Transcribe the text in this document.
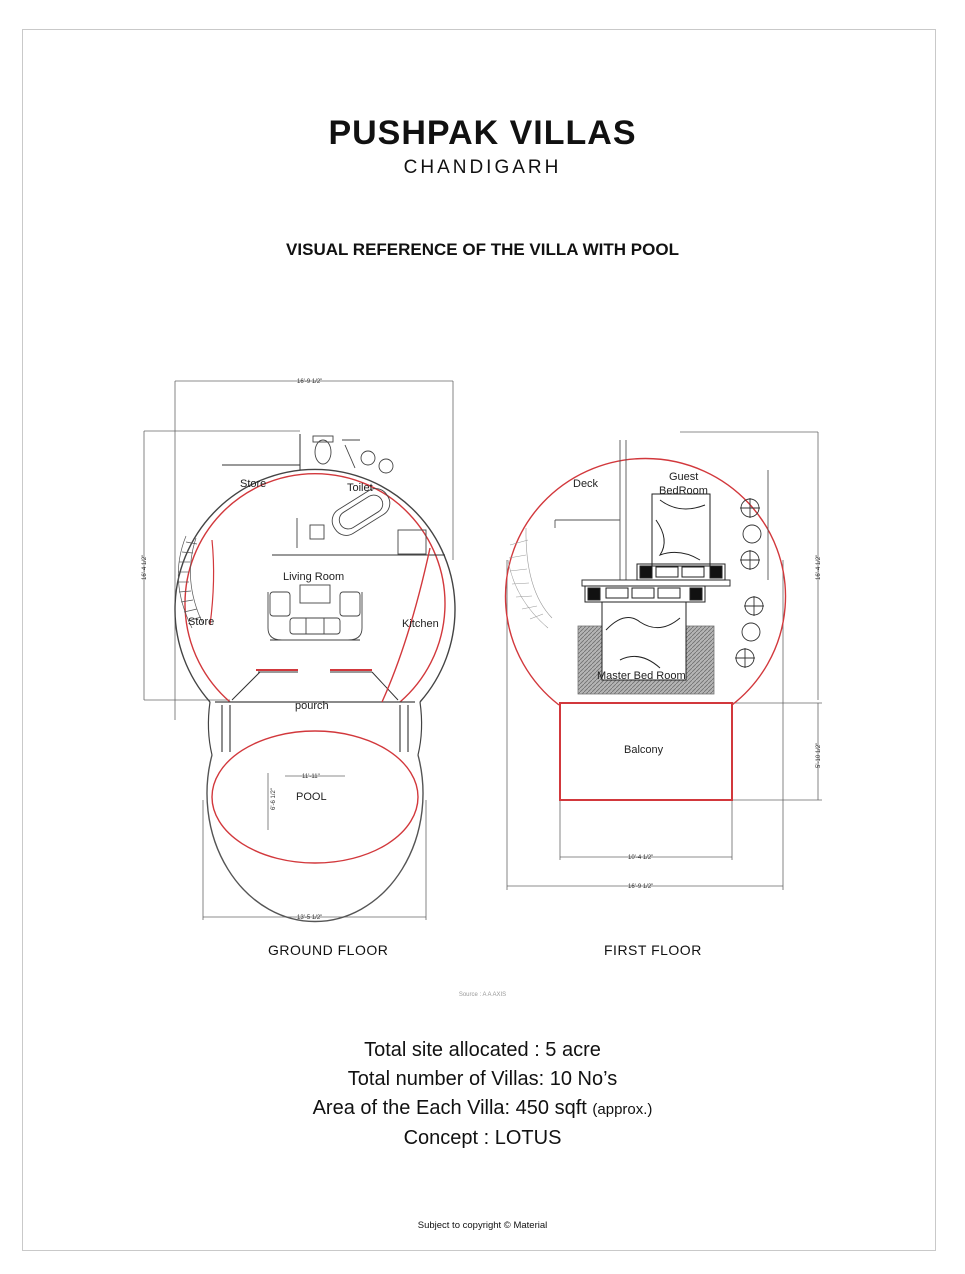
PUSHPAK VILLAS
CHANDIGARH
VISUAL REFERENCE OF THE VILLA WITH POOL
16'-9 1/2"
16'-4 1/2"
11'-11"
6'-6 1/2"
13'-5 1/2"
Store	Toilet
Living Room
Store	Kitchen
pourch
POOL
16'-4 1/2"
5'-10 1/2"
10'-4 1/2"
16'-9 1/2"
Deck
Guest
BedRoom
Master Bed Room
Balcony
GROUND FLOOR	FIRST FLOOR
Source : A A AXIS
Total site allocated : 5 acre
Total number of Villas: 10 No’s
Area of the Each Villa: 450 sqft (approx.)
Concept : LOTUS
Subject to copyright © Material
